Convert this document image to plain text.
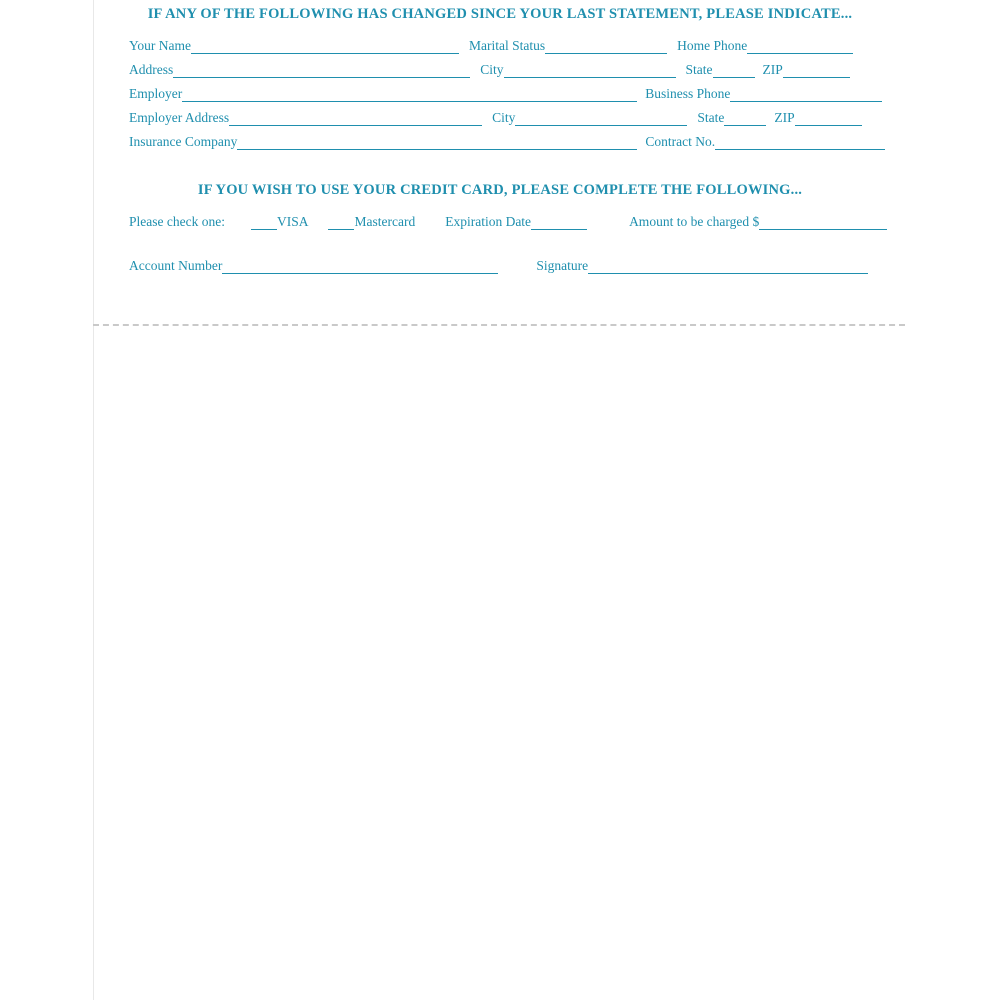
IF ANY OF THE FOLLOWING HAS CHANGED SINCE YOUR LAST STATEMENT, PLEASE INDICATE...
Your Name	Marital Status	Home Phone
Address	City	State	ZIP
Employer	Business Phone
Employer Address	City	State	ZIP
Insurance Company	Contract No.
IF YOU WISH TO USE YOUR CREDIT CARD, PLEASE COMPLETE THE FOLLOWING...
Please check one:	VISA	Mastercard Expiration Date	Amount to be charged $
Account Number	Signature
